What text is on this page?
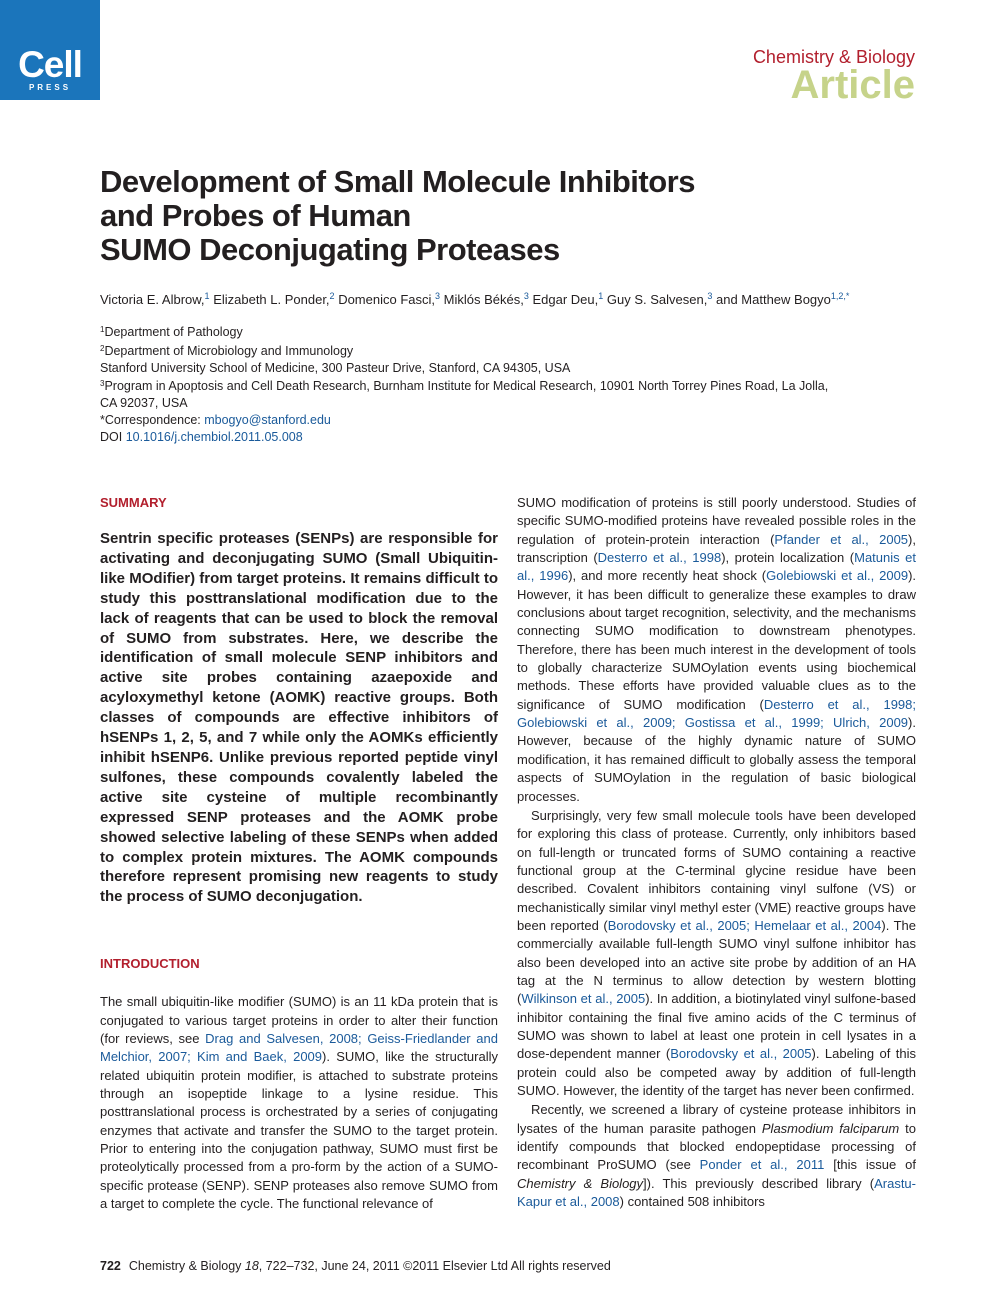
Cell
PRESS
Chemistry & Biology
Article
Development of Small Molecule Inhibitors
and Probes of Human
SUMO Deconjugating Proteases
Victoria E. Albrow,$^1$ Elizabeth L. Ponder,$^2$ Domenico Fasci,$^3$ Miklós Békés,$^3$ Edgar Deu,$^1$ Guy S. Salvesen,$^3$ and Matthew Bogyo$^{1,2,*}$
$^1$Department of Pathology
$^2$Department of Microbiology and Immunology
Stanford University School of Medicine, 300 Pasteur Drive, Stanford, CA 94305, USA
$^3$Program in Apoptosis and Cell Death Research, Burnham Institute for Medical Research, 10901 North Torrey Pines Road, La Jolla,
CA 92037, USA
*Correspondence: mbogyo@stanford.edu
DOI 10.1016/j.chembiol.2011.05.008
SUMMARY

Sentrin specific proteases (SENPs) are responsible for activating and deconjugating SUMO (Small Ubiquitin-like MOdifier) from target proteins. It remains difficult to study this posttranslational modification due to the lack of reagents that can be used to block the removal of SUMO from substrates. Here, we describe the identification of small molecule SENP inhibitors and active site probes containing azaepoxide and acyloxymethyl ketone (AOMK) reactive groups. Both classes of compounds are effective inhibitors of hSENPs 1, 2, 5, and 7 while only the AOMKs efficiently inhibit hSENP6. Unlike previous reported peptide vinyl sulfones, these compounds covalently labeled the active site cysteine of multiple recombinantly expressed SENP proteases and the AOMK probe showed selective labeling of these SENPs when added to complex protein mixtures. The AOMK compounds therefore represent promising new reagents to study the process of SUMO deconjugation.

INTRODUCTION

The small ubiquitin-like modifier (SUMO) is an 11 kDa protein that is conjugated to various target proteins in order to alter their function (for reviews, see Drag and Salvesen, 2008; Geiss-Friedlander and Melchior, 2007; Kim and Baek, 2009). SUMO, like the structurally related ubiquitin protein modifier, is attached to substrate proteins through an isopeptide linkage to a lysine residue. This posttranslational process is orchestrated by a series of conjugating enzymes that activate and transfer the SUMO to the target protein. Prior to entering into the conjugation pathway, SUMO must first be proteolytically processed from a pro-form by the action of a SUMO-specific protease (SENP). SENP proteases also remove SUMO from a target to complete the cycle. The functional relevance of

SUMO modification of proteins is still poorly understood. Studies of specific SUMO-modified proteins have revealed possible roles in the regulation of protein-protein interaction (Pfander et al., 2005), transcription (Desterro et al., 1998), protein localization (Matunis et al., 1996), and more recently heat shock (Golebiowski et al., 2009). However, it has been difficult to generalize these examples to draw conclusions about target recognition, selectivity, and the mechanisms connecting SUMO modification to downstream phenotypes. Therefore, there has been much interest in the development of tools to globally characterize SUMOylation events using biochemical methods. These efforts have provided valuable clues as to the significance of SUMO modification (Desterro et al., 1998; Golebiowski et al., 2009; Gostissa et al., 1999; Ulrich, 2009). However, because of the highly dynamic nature of SUMO modification, it has remained difficult to globally assess the temporal aspects of SUMOylation in the regulation of basic biological processes.

Surprisingly, very few small molecule tools have been developed for exploring this class of protease. Currently, only inhibitors based on full-length or truncated forms of SUMO containing a reactive functional group at the C-terminal glycine residue have been described. Covalent inhibitors containing vinyl sulfone (VS) or mechanistically similar vinyl methyl ester (VME) reactive groups have been reported (Borodovsky et al., 2005; Hemelaar et al., 2004). The commercially available full-length SUMO vinyl sulfone inhibitor has also been developed into an active site probe by addition of an HA tag at the N terminus to allow detection by western blotting (Wilkinson et al., 2005). In addition, a biotinylated vinyl sulfone-based inhibitor containing the final five amino acids of the C terminus of SUMO was shown to label at least one protein in cell lysates in a dose-dependent manner (Borodovsky et al., 2005). Labeling of this protein could also be competed away by addition of full-length SUMO. However, the identity of the target has never been confirmed.

Recently, we screened a library of cysteine protease inhibitors in lysates of the human parasite pathogen Plasmodium falciparum to identify compounds that blocked endopeptidase processing of recombinant ProSUMO (see Ponder et al., 2011 [this issue of Chemistry & Biology]). This previously described library (Arastu-Kapur et al., 2008) contained 508 inhibitors

722 Chemistry & Biology 18, 722–732, June 24, 2011 ©2011 Elsevier Ltd All rights reserved
